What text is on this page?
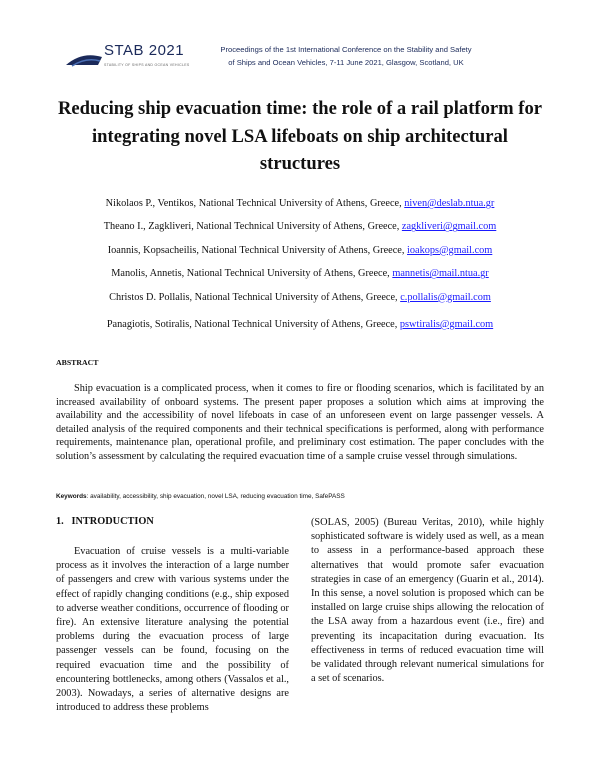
STAB 2021
STABILITY OF SHIPS AND OCEAN VEHICLES
Proceedings of the 1st International Conference on the Stability and Safety
of Ships and Ocean Vehicles, 7-11 June 2021, Glasgow, Scotland, UK
Reducing ship evacuation time: the role of a rail platform for integrating novel LSA lifeboats on ship architectural structures
Nikolaos P., Ventikos, National Technical University of Athens, Greece, niven@deslab.ntua.gr
Theano I., Zagkliveri, National Technical University of Athens, Greece, zagkliveri@gmail.com
Ioannis, Kopsacheilis, National Technical University of Athens, Greece, ioakops@gmail.com
Manolis, Annetis, National Technical University of Athens, Greece, mannetis@mail.ntua.gr
Christos D. Pollalis, National Technical University of Athens, Greece, c.pollalis@gmail.com
Panagiotis, Sotiralis, National Technical University of Athens, Greece, pswtiralis@gmail.com
ABSTRACT

Ship evacuation is a complicated process, when it comes to fire or flooding scenarios, which is facilitated by an increased availability of onboard systems. The present paper proposes a solution which aims at improving the availability and the accessibility of novel lifeboats in case of an unforeseen event on large passenger vessels. A detailed analysis of the required components and their technical specifications is performed, along with performance requirements, maintenance plan, operational profile, and preliminary cost estimation. The paper concludes with the solution’s assessment by calculating the required evacuation time of a sample cruise vessel through simulations.

Keywords: availability, accessibility, ship evacuation, novel LSA, reducing evacuation time, SafePASS
1.   INTRODUCTION

Evacuation of cruise vessels is a multi-variable process as it involves the interaction of a large number of passengers and crew with various systems under the effect of rapidly changing conditions (e.g., ship exposed to adverse weather conditions, occurrence of flooding or fire). An extensive literature analysing the potential problems during the evacuation process of large passenger vessels can be found, focusing on the required evacuation time and the possibility of encountering bottlenecks, among others (Vassalos et al., 2003). Nowadays, a series of alternative designs are introduced to address these problems

(SOLAS, 2005) (Bureau Veritas, 2010), while highly sophisticated software is widely used as well, as a mean to assess in a performance-based approach these alternatives that would promote safer evacuation strategies in case of an emergency (Guarin et al., 2014). In this sense, a novel solution is proposed which can be installed on large cruise ships allowing the relocation of the LSA away from a hazardous event (i.e., fire) and preventing its incapacitation during evacuation. Its effectiveness in terms of reduced evacuation time will be validated through relevant numerical simulations for a set of scenarios.
